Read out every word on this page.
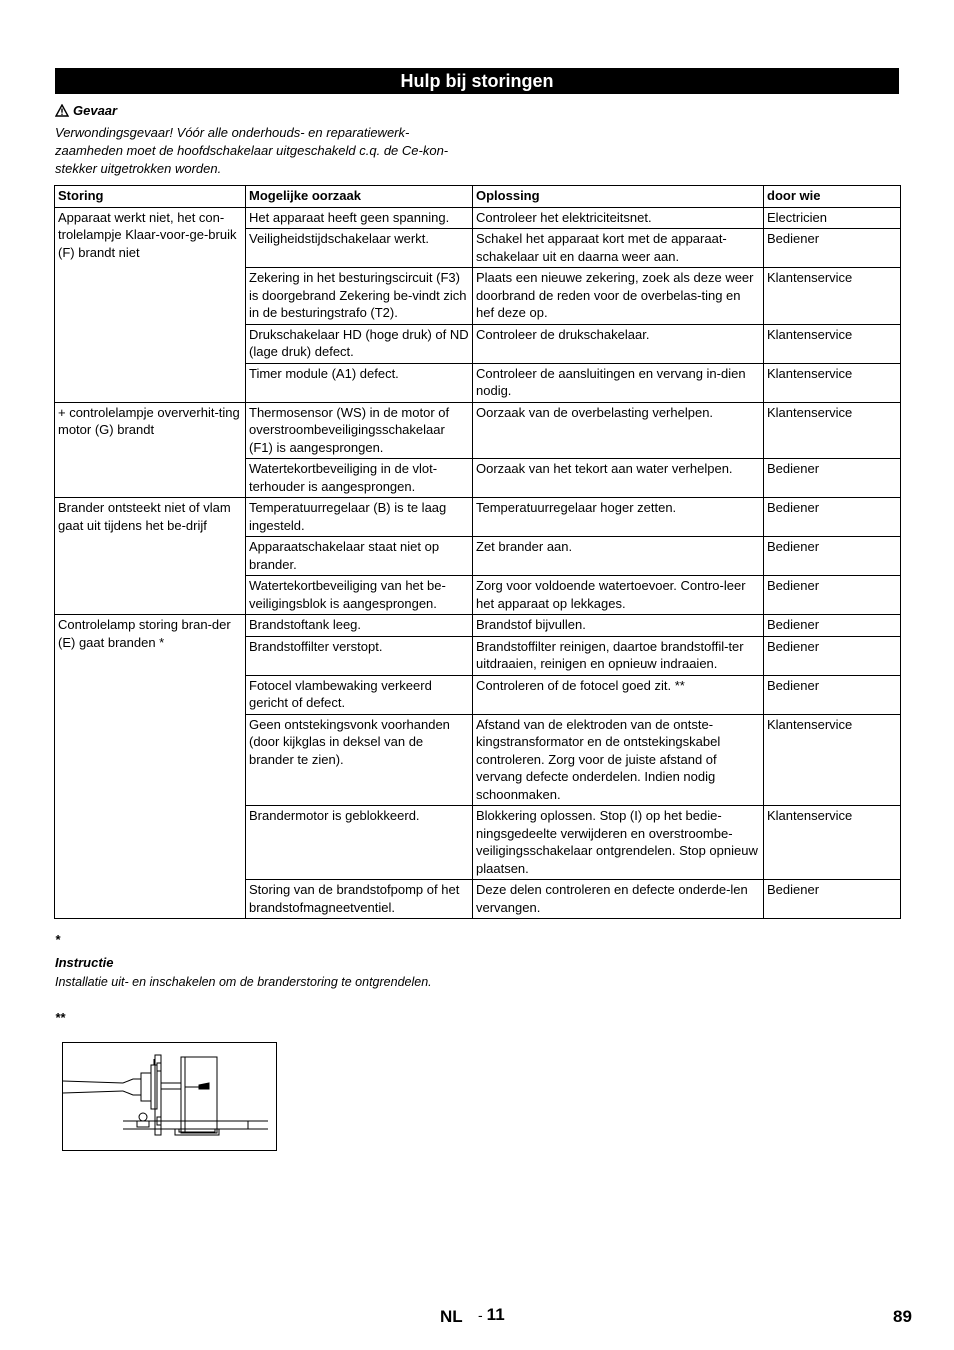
Hulp bij storingen
Gevaar
Verwondingsgevaar! Vóór alle onderhouds- en reparatiewerk-zaamheden moet de hoofdschakelaar uitgeschakeld c.q. de Ce-kon-stekker uitgetrokken worden.
Storing	Mogelijke oorzaak	Oplossing	door wie
Apparaat werkt niet, het con-trolelampje Klaar-voor-ge-bruik (F) brandt niet	Het apparaat heeft geen spanning.	Controleer het elektriciteitsnet.	Electricien
	Veiligheidstijdschakelaar werkt.	Schakel het apparaat kort met de apparaat-schakelaar uit en daarna weer aan.	Bediener
	Zekering in het besturingscircuit (F3) is doorgebrand Zekering be-vindt zich in de besturingstrafo (T2).	Plaats een nieuwe zekering, zoek als deze weer doorbrand de reden voor de overbelas-ting en hef deze op.	Klantenservice
	Drukschakelaar HD (hoge druk) of ND (lage druk) defect.	Controleer de drukschakelaar.	Klantenservice
	Timer module (A1) defect.	Controleer de aansluitingen en vervang in-dien nodig.	Klantenservice
+ controlelampje oververhit-ting motor (G) brandt	Thermosensor (WS) in de motor of overstroombeveiligingsschakelaar (F1) is aangesprongen.	Oorzaak van de overbelasting verhelpen.	Klantenservice
	Watertekortbeveiliging in de vlot-terhouder is aangesprongen.	Oorzaak van het tekort aan water verhelpen.	Bediener
Brander ontsteekt niet of vlam gaat uit tijdens het be-drijf	Temperatuurregelaar (B) is te laag ingesteld.	Temperatuurregelaar hoger zetten.	Bediener
	Apparaatschakelaar staat niet op brander.	Zet brander aan.	Bediener
	Watertekortbeveiliging van het be-veiligingsblok is aangesprongen.	Zorg voor voldoende watertoevoer. Contro-leer het apparaat op lekkages.	Bediener
Controlelamp storing bran-der (E) gaat branden *	Brandstoftank leeg.	Brandstof bijvullen.	Bediener
	Brandstoffilter verstopt.	Brandstoffilter reinigen, daartoe brandstoffil-ter uitdraaien, reinigen en opnieuw indraaien.	Bediener
	Fotocel vlambewaking verkeerd gericht of defect.	Controleren of de fotocel goed zit. **	Bediener
	Geen ontstekingsvonk voorhanden (door kijkglas in deksel van de brander te zien).	Afstand van de elektroden van de ontste-kingstransformator en de ontstekingskabel controleren. Zorg voor de juiste afstand of vervang defecte onderdelen. Indien nodig schoonmaken.	Klantenservice
	Brandermotor is geblokkeerd.	Blokkering oplossen. Stop (I) op het bedie-ningsgedeelte verwijderen en overstroombe-veiligingsschakelaar ontgrendelen. Stop opnieuw plaatsen.	Klantenservice
	Storing van de brandstofpomp of het brandstofmagneetventiel.	Deze delen controleren en defecte onderde-len vervangen.	Bediener
*
Instructie
Installatie uit- en inschakelen om de branderstoring te ontgrendelen.
**
NL - 11	89
